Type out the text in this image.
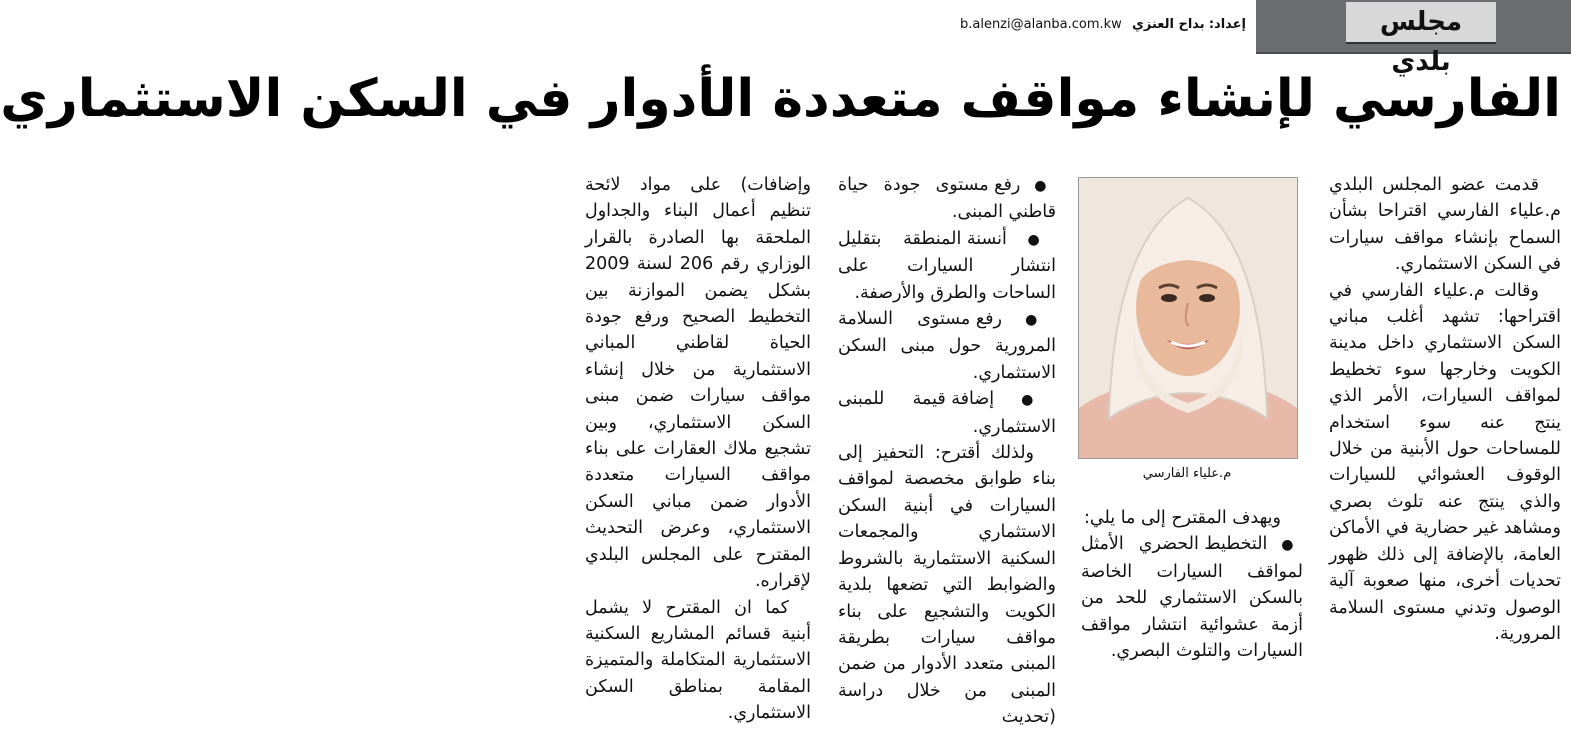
مجلس بلدي
إعداد: بداح العنزي b.alenzi@alanba.com.kw
الفارسي لإنشاء مواقف متعددة الأدوار في السكن الاستثماري

قدمت عضو المجلس البلدي م.علياء الفارسي اقتراحا بشأن السماح بإنشاء مواقف سيارات في السكن الاستثماري.

وقالت م.علياء الفارسي في اقتراحها: تشهد أغلب مباني السكن الاستثماري داخل مدينة الكويت وخارجها سوء تخطيط لمواقف السيارات، الأمر الذي ينتج عنه سوء استخدام للمساحات حول الأبنية من خلال الوقوف العشوائي للسيارات والذي ينتج عنه تلوث بصري ومشاهد غير حضارية في الأماكن العامة، بالإضافة إلى ذلك ظهور تحديات أخرى، منها صعوبة آلية الوصول وتدني مستوى السلامة المرورية.

م.علياء الفارسي

ويهدف المقترح إلى ما يلي:

● التخطيط الحضري الأمثل لمواقف السيارات الخاصة بالسكن الاستثماري للحد من أزمة عشوائية انتشار مواقف السيارات والتلوث البصري.

● رفع مستوى جودة حياة قاطني المبنى.

● أنسنة المنطقة بتقليل انتشار السيارات على الساحات والطرق والأرصفة.

● رفع مستوى السلامة المرورية حول مبنى السكن الاستثماري.

● إضافة قيمة للمبنى الاستثماري.

ولذلك أقترح: التحفيز إلى بناء طوابق مخصصة لمواقف السيارات في أبنية السكن الاستثماري والمجمعات السكنية الاستثمارية بالشروط والضوابط التي تضعها بلدية الكويت والتشجيع على بناء مواقف سيارات بطريقة المبنى متعدد الأدوار من ضمن المبنى من خلال دراسة (تحديث

وإضافات) على مواد لائحة تنظيم أعمال البناء والجداول الملحقة بها الصادرة بالقرار الوزاري رقم 206 لسنة 2009 بشكل يضمن الموازنة بين التخطيط الصحيح ورفع جودة الحياة لقاطني المباني الاستثمارية من خلال إنشاء مواقف سيارات ضمن مبنى السكن الاستثماري، وبين تشجيع ملاك العقارات على بناء مواقف السيارات متعددة الأدوار ضمن مباني السكن الاستثماري، وعرض التحديث المقترح على المجلس البلدي لإقراره.

كما ان المقترح لا يشمل أبنية قسائم المشاريع السكنية الاستثمارية المتكاملة والمتميزة المقامة بمناطق السكن الاستثماري.
